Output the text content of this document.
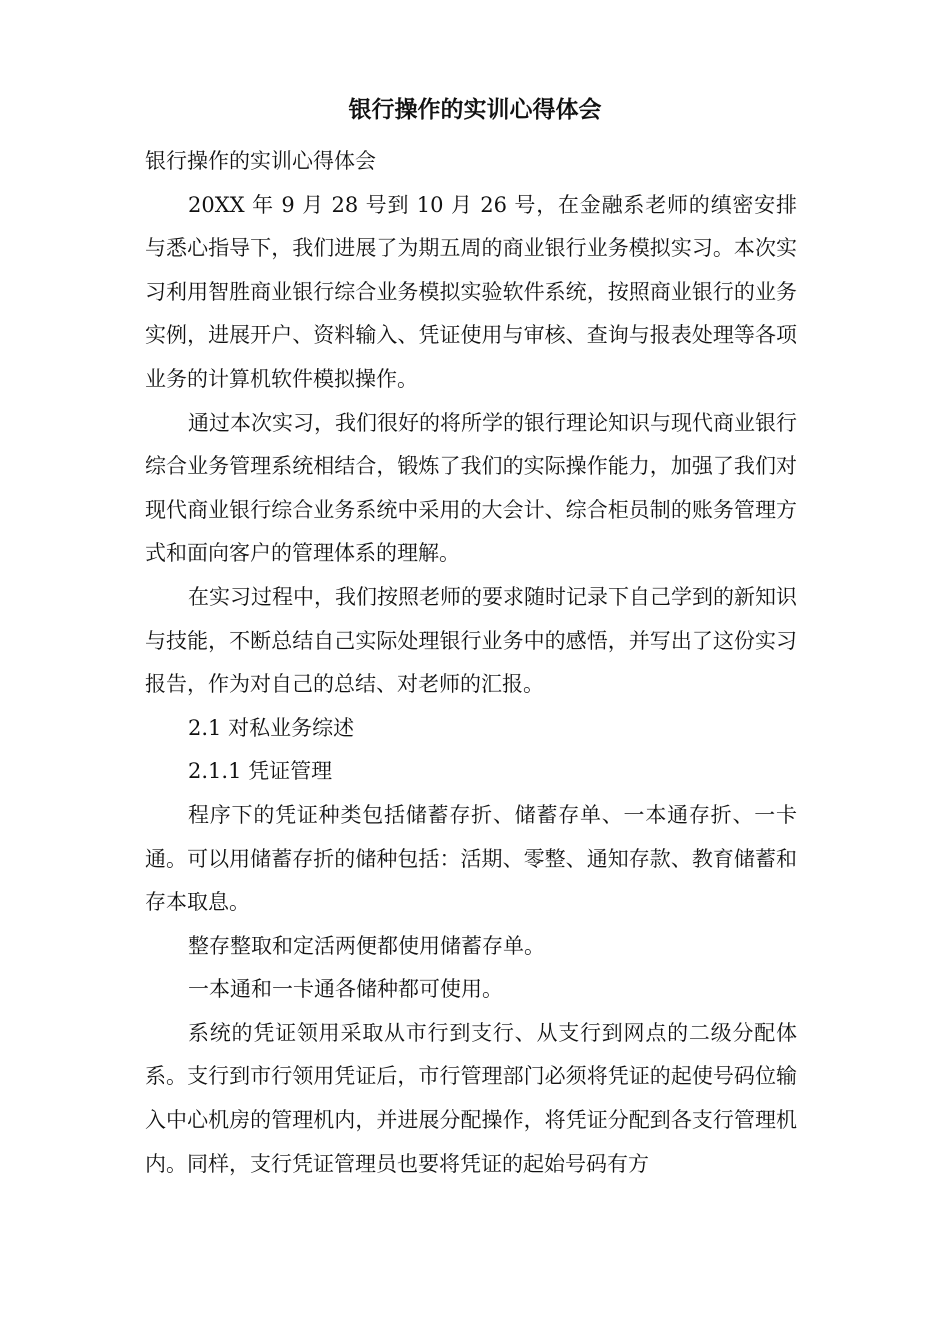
银行操作的实训心得体会

银行操作的实训心得体会

20XX 年 9 月 28 号到 10 月 26 号，在金融系老师的缜密安排与悉心指导下，我们进展了为期五周的商业银行业务模拟实习。本次实习利用智胜商业银行综合业务模拟实验软件系统，按照商业银行的业务实例，进展开户、资料输入、凭证使用与审核、查询与报表处理等各项业务的计算机软件模拟操作。

通过本次实习，我们很好的将所学的银行理论知识与现代商业银行综合业务管理系统相结合，锻炼了我们的实际操作能力，加强了我们对现代商业银行综合业务系统中采用的大会计、综合柜员制的账务管理方式和面向客户的管理体系的理解。

在实习过程中，我们按照老师的要求随时记录下自己学到的新知识与技能，不断总结自己实际处理银行业务中的感悟，并写出了这份实习报告，作为对自己的总结、对老师的汇报。

2.1 对私业务综述

2.1.1 凭证管理

程序下的凭证种类包括储蓄存折、储蓄存单、一本通存折、一卡通。可以用储蓄存折的储种包括：活期、零整、通知存款、教育储蓄和存本取息。

整存整取和定活两便都使用储蓄存单。

一本通和一卡通各储种都可使用。

系统的凭证领用采取从市行到支行、从支行到网点的二级分配体系。支行到市行领用凭证后，市行管理部门必须将凭证的起使号码位输入中心机房的管理机内，并进展分配操作，将凭证分配到各支行管理机内。同样，支行凭证管理员也要将凭证的起始号码有方
